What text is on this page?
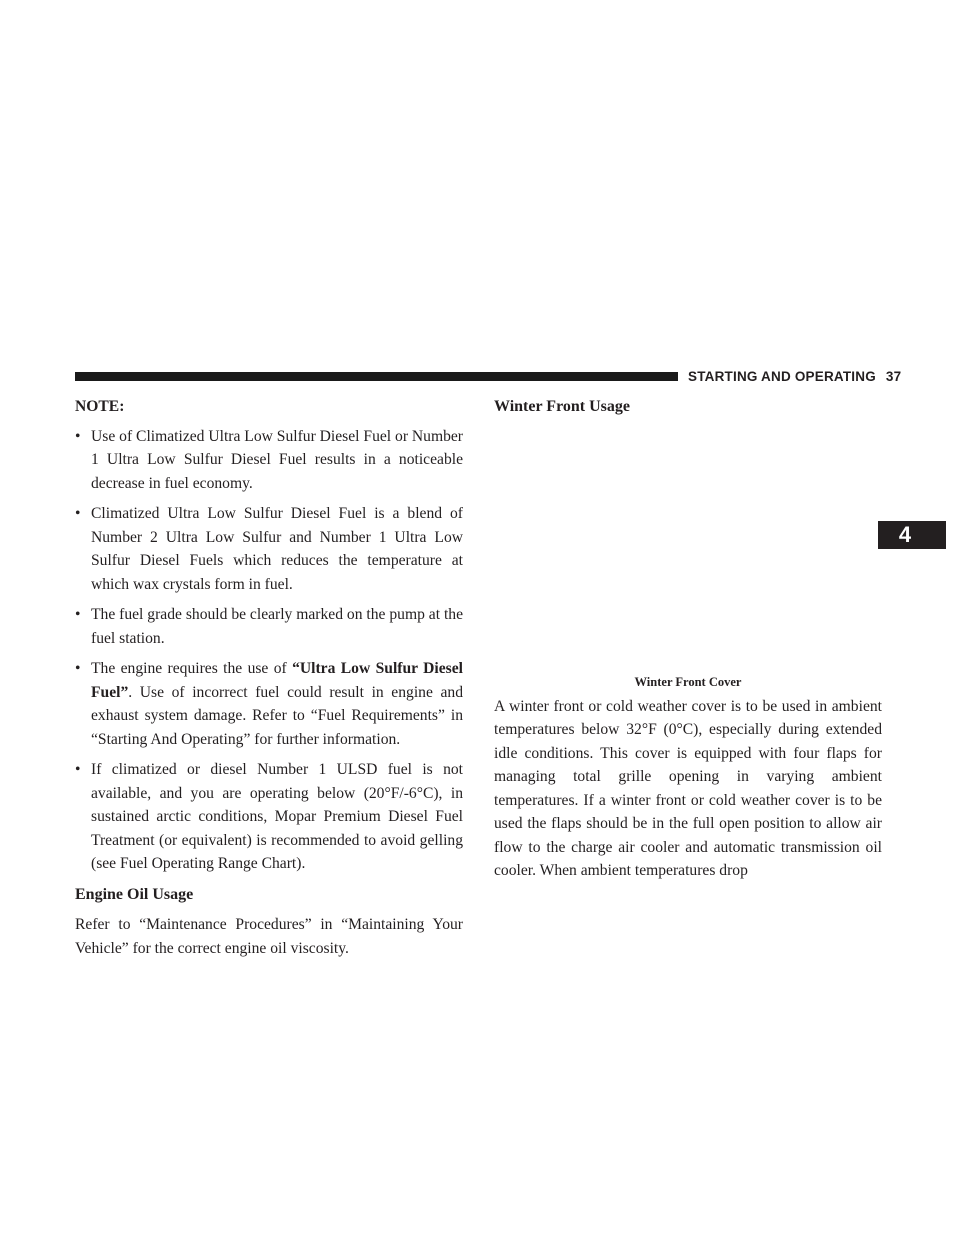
STARTING AND OPERATING 37
4
NOTE:
• Use of Climatized Ultra Low Sulfur Diesel Fuel or Number 1 Ultra Low Sulfur Diesel Fuel results in a noticeable decrease in fuel economy.
• Climatized Ultra Low Sulfur Diesel Fuel is a blend of Number 2 Ultra Low Sulfur and Number 1 Ultra Low Sulfur Diesel Fuels which reduces the temperature at which wax crystals form in fuel.
• The fuel grade should be clearly marked on the pump at the fuel station.
• The engine requires the use of “Ultra Low Sulfur Diesel Fuel”. Use of incorrect fuel could result in engine and exhaust system damage. Refer to “Fuel Requirements” in “Starting And Operating” for further information.
• If climatized or diesel Number 1 ULSD fuel is not available, and you are operating below (20°F/-6°C), in sustained arctic conditions, Mopar Premium Diesel Fuel Treatment (or equivalent) is recommended to avoid gelling (see Fuel Operating Range Chart).
Engine Oil Usage

Refer to “Maintenance Procedures” in “Maintaining Your Vehicle” for the correct engine oil viscosity.

Winter Front Usage
Winter Front Cover

A winter front or cold weather cover is to be used in ambient temperatures below 32°F (0°C), especially during extended idle conditions. This cover is equipped with four flaps for managing total grille opening in varying ambient temperatures. If a winter front or cold weather cover is to be used the flaps should be in the full open position to allow air flow to the charge air cooler and automatic transmission oil cooler. When ambient temperatures drop
